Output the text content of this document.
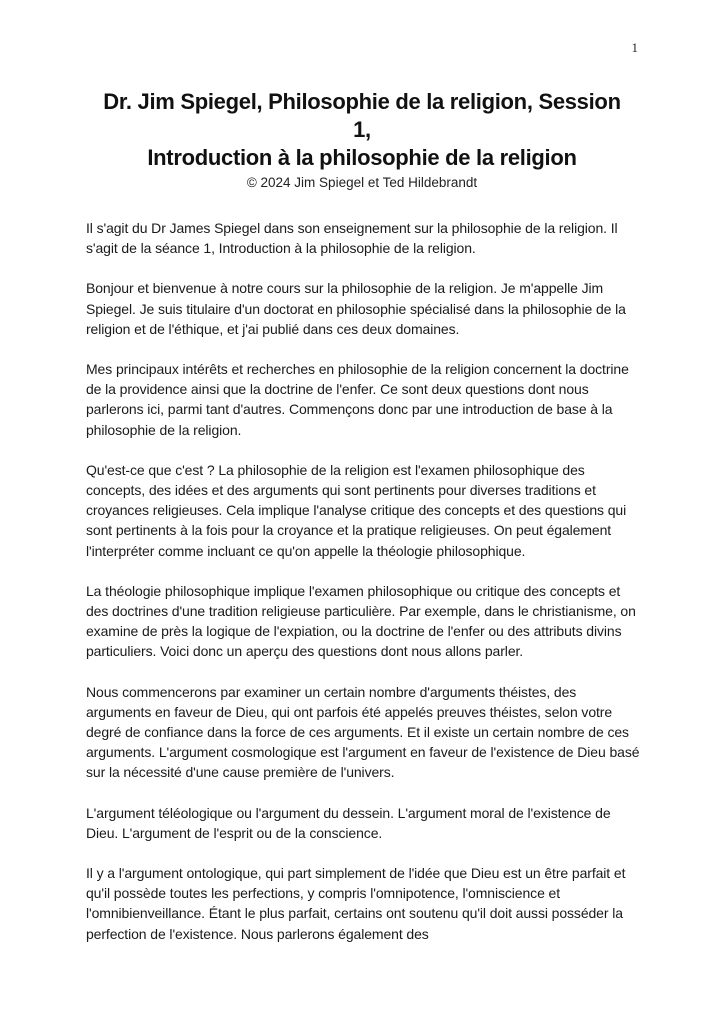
1
Dr. Jim Spiegel, Philosophie de la religion, Session
1,
Introduction à la philosophie de la religion
© 2024 Jim Spiegel et Ted Hildebrandt

Il s'agit du Dr James Spiegel dans son enseignement sur la philosophie de la religion. Il s'agit de la séance 1, Introduction à la philosophie de la religion.

Bonjour et bienvenue à notre cours sur la philosophie de la religion. Je m'appelle Jim Spiegel. Je suis titulaire d'un doctorat en philosophie spécialisé dans la philosophie de la religion et de l'éthique, et j'ai publié dans ces deux domaines.

Mes principaux intérêts et recherches en philosophie de la religion concernent la doctrine de la providence ainsi que la doctrine de l'enfer. Ce sont deux questions dont nous parlerons ici, parmi tant d'autres. Commençons donc par une introduction de base à la philosophie de la religion.

Qu'est-ce que c'est ? La philosophie de la religion est l'examen philosophique des concepts, des idées et des arguments qui sont pertinents pour diverses traditions et croyances religieuses. Cela implique l'analyse critique des concepts et des questions qui sont pertinents à la fois pour la croyance et la pratique religieuses. On peut également l'interpréter comme incluant ce qu'on appelle la théologie philosophique.

La théologie philosophique implique l'examen philosophique ou critique des concepts et des doctrines d'une tradition religieuse particulière. Par exemple, dans le christianisme, on examine de près la logique de l'expiation, ou la doctrine de l'enfer ou des attributs divins particuliers. Voici donc un aperçu des questions dont nous allons parler.

Nous commencerons par examiner un certain nombre d'arguments théistes, des arguments en faveur de Dieu, qui ont parfois été appelés preuves théistes, selon votre degré de confiance dans la force de ces arguments. Et il existe un certain nombre de ces arguments. L'argument cosmologique est l'argument en faveur de l'existence de Dieu basé sur la nécessité d'une cause première de l'univers.

L'argument téléologique ou l'argument du dessein. L'argument moral de l'existence de Dieu. L'argument de l'esprit ou de la conscience.

Il y a l'argument ontologique, qui part simplement de l'idée que Dieu est un être parfait et qu'il possède toutes les perfections, y compris l'omnipotence, l'omniscience et l'omnibienveillance. Étant le plus parfait, certains ont soutenu qu'il doit aussi posséder la perfection de l'existence. Nous parlerons également des
